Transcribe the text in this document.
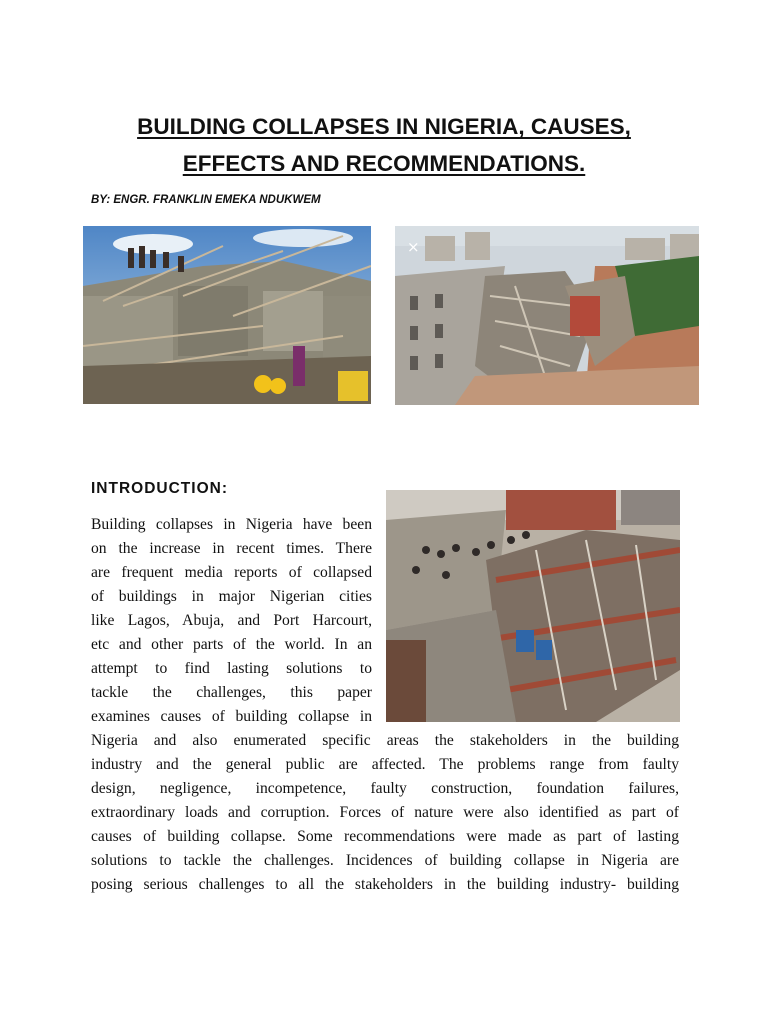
BUILDING COLLAPSES IN NIGERIA, CAUSES,
EFFECTS AND RECOMMENDATIONS.
BY: ENGR. FRANKLIN EMEKA NDUKWEM
×
INTRODUCTION:
Building collapses in Nigeria have been
on the increase in recent times. There
are frequent media reports of collapsed
of buildings in major Nigerian cities
like Lagos, Abuja, and Port Harcourt,
etc and other parts of the world. In an
attempt to find lasting solutions to
tackle the challenges, this paper
examines causes of building collapse in
Nigeria and also enumerated specific areas the stakeholders in the building
industry and the general public are affected. The problems range from faulty
design, negligence, incompetence, faulty construction, foundation failures,
extraordinary loads and corruption. Forces of nature were also identified as part of
causes of building collapse. Some recommendations were made as part of lasting
solutions to tackle the challenges. Incidences of building collapse in Nigeria are
posing serious challenges to all the stakeholders in the building industry- building
